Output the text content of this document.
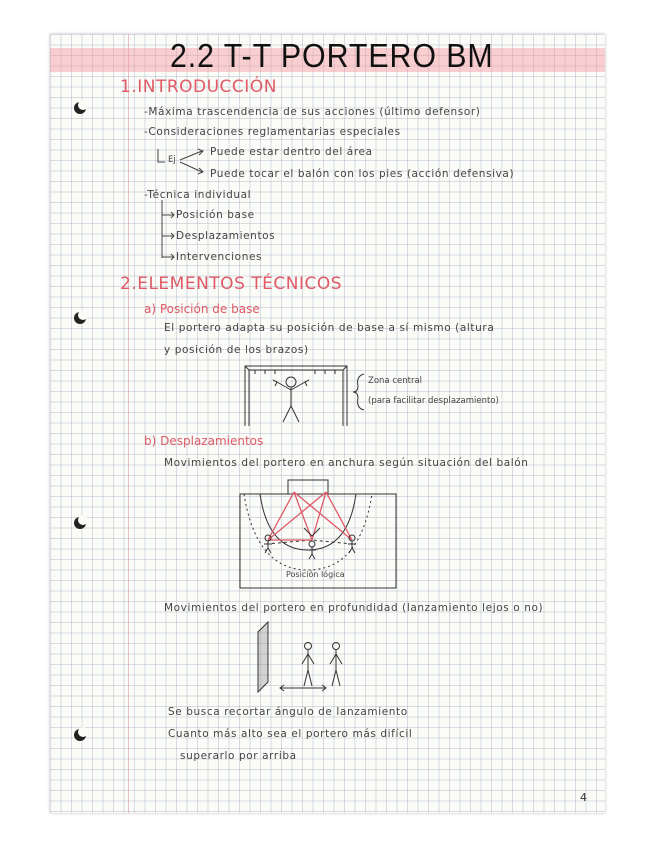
2.2 T-T PORTERO BM
1.INTRODUCCIÓN
-Máxima trascendencia de sus acciones (último defensor)
-Consideraciones reglamentarias especiales
Ej
Puede estar dentro del área
Puede tocar el balón con los pies (acción defensiva)
-Técnica individual
Posición base
Desplazamientos
Intervenciones
2.ELEMENTOS TÉCNICOS
a) Posición de base
El portero adapta su posición de base a sí mismo (altura
y posición de los brazos)
Zona central
(para facilitar desplazamiento)
b) Desplazamientos
Movimientos del portero en anchura según situación del balón
Posición lógica
Movimientos del portero en profundidad (lanzamiento lejos o no)
Se busca recortar ángulo de lanzamiento
Cuanto más alto sea el portero más difícil
superarlo por arriba
4
